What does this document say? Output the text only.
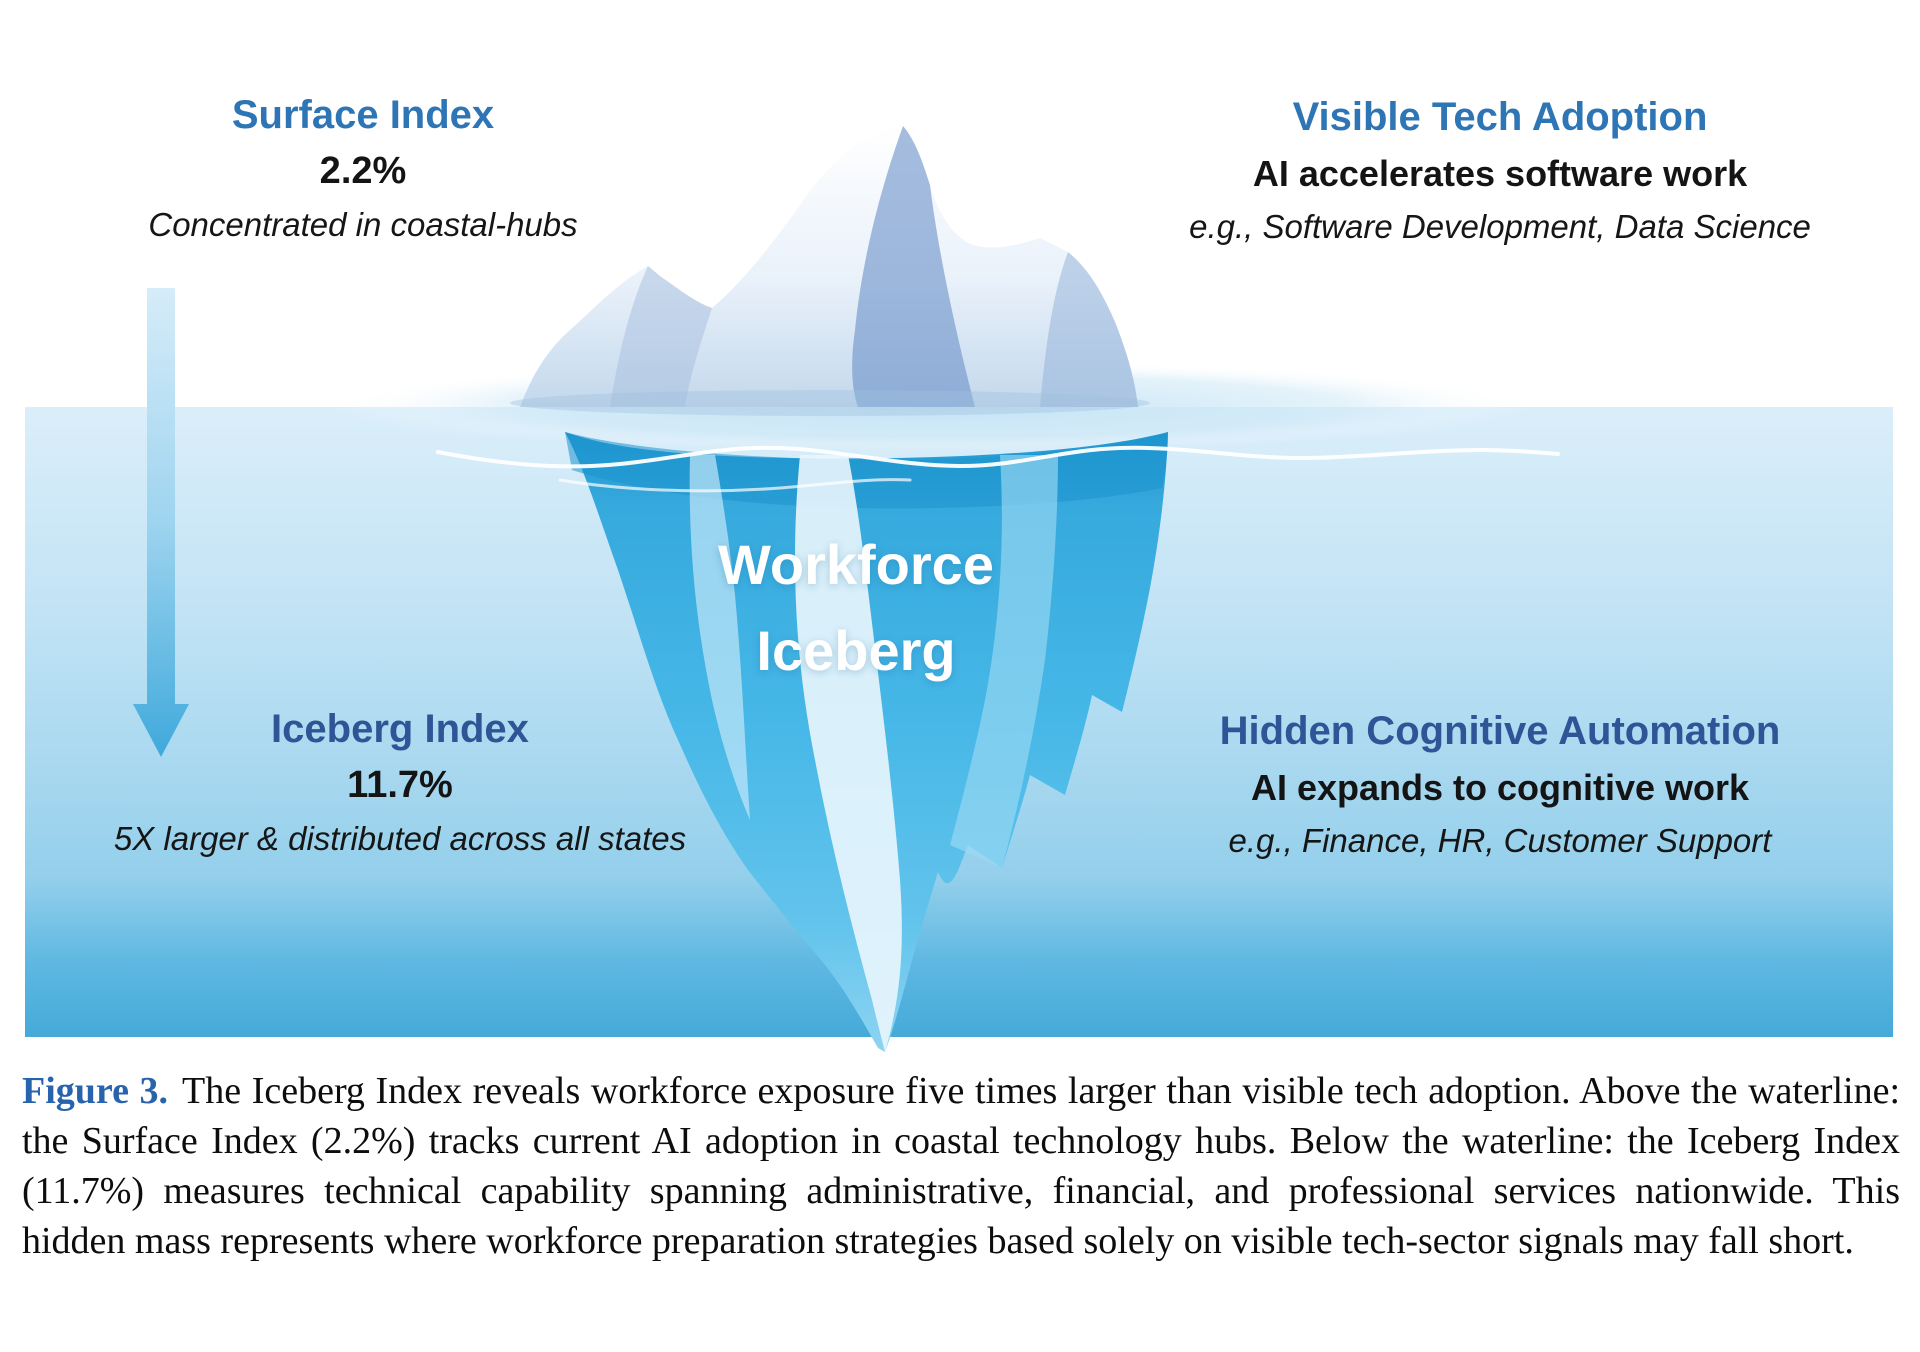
Surface Index
2.2%
Concentrated in coastal-hubs
Visible Tech Adoption
AI accelerates software work
e.g., Software Development, Data Science
Workforce
Iceberg
Iceberg Index
11.7%
5X larger & distributed across all states
Hidden Cognitive Automation
AI expands to cognitive work
e.g., Finance, HR, Customer Support

Figure 3. The Iceberg Index reveals workforce exposure five times larger than visible tech adoption. Above the waterline: the Surface Index (2.2%) tracks current AI adoption in coastal technology hubs. Below the waterline: the Iceberg Index (11.7%) measures technical capability spanning administrative, financial, and professional services nationwide. This hidden mass represents where workforce preparation strategies based solely on visible tech-sector signals may fall short.
